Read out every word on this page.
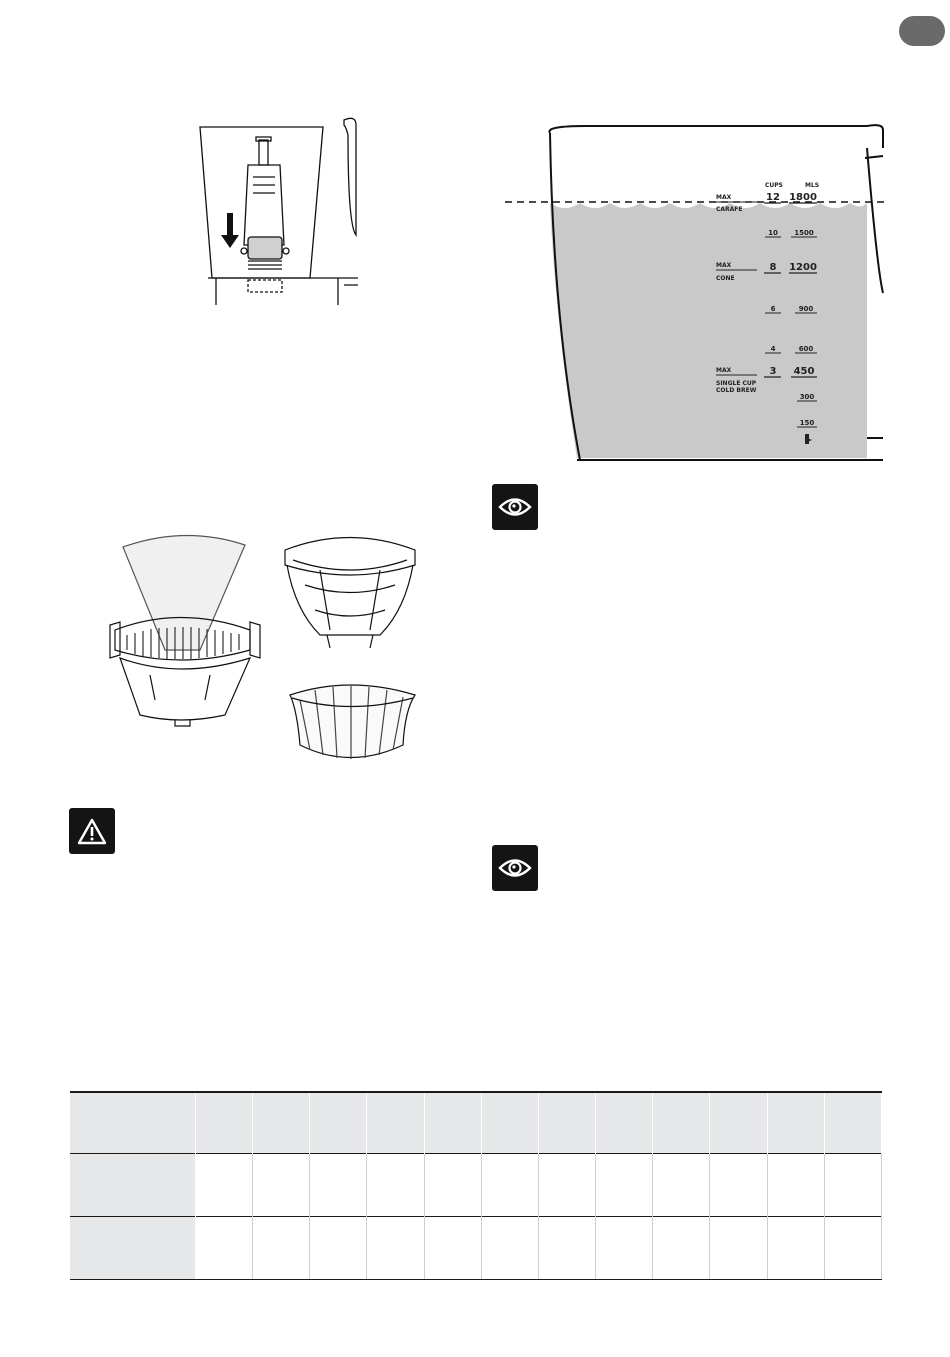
CUPS	MLS
MAX
CARAFE
MAX
CONE
MAX
SINGLE CUP
COLD BREW
12
10
8
6
4
3
1800
1500
1200
900
600
450
300
150
